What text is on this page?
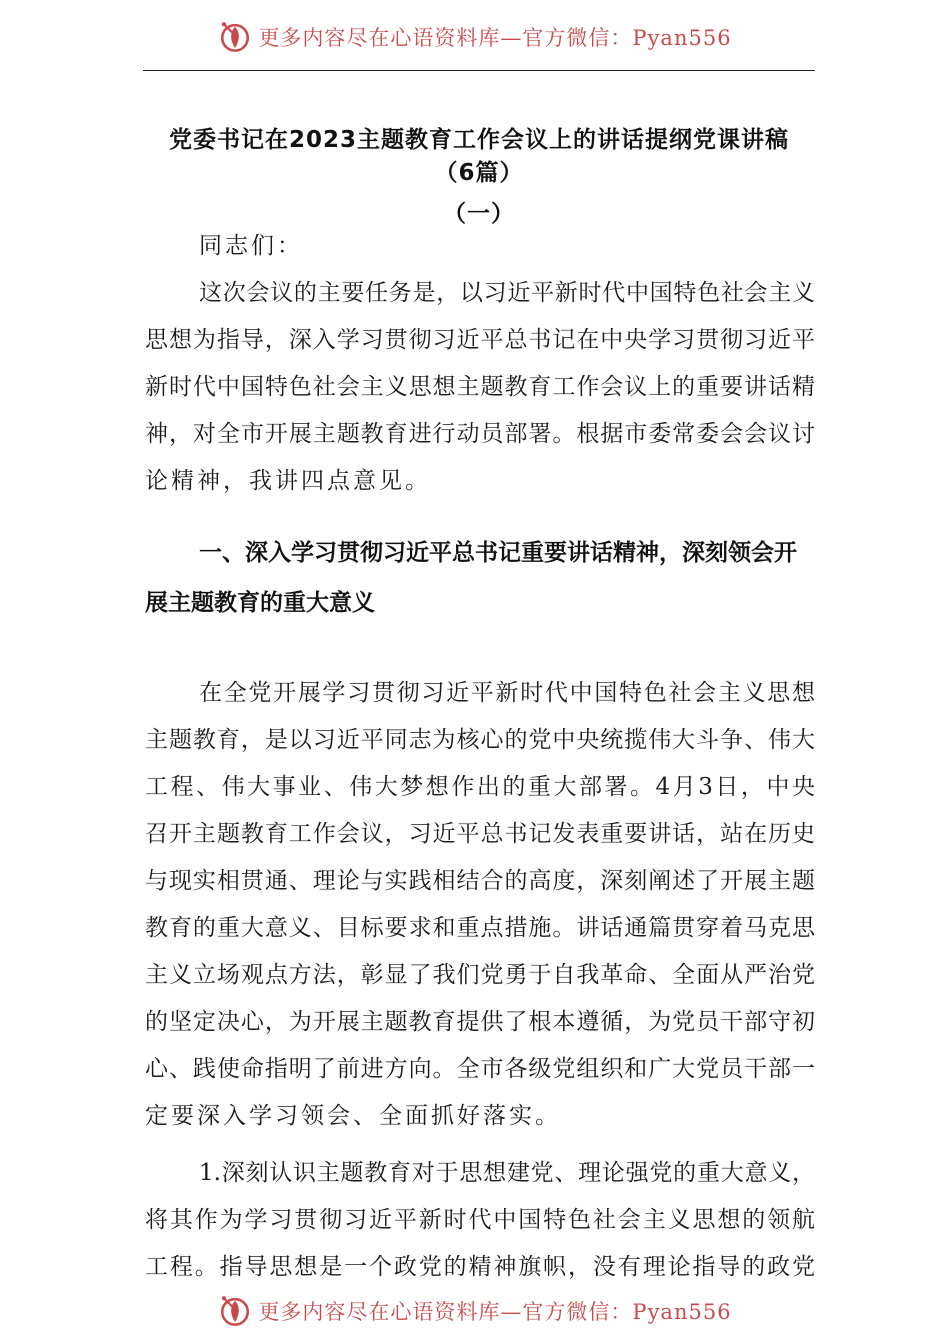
更多内容尽在心语资料库—官方微信：Pyan556
党委书记在2023主题教育工作会议上的讲话提纲党课讲稿
（6篇）
（一）
同志们：
这次会议的主要任务是，以习近平新时代中国特色社会主义
思想为指导，深入学习贯彻习近平总书记在中央学习贯彻习近平
新时代中国特色社会主义思想主题教育工作会议上的重要讲话精
神，对全市开展主题教育进行动员部署。根据市委常委会会议讨
论精神，我讲四点意见。
一、深入学习贯彻习近平总书记重要讲话精神，深刻领会开
展主题教育的重大意义
在全党开展学习贯彻习近平新时代中国特色社会主义思想
主题教育，是以习近平同志为核心的党中央统揽伟大斗争、伟大
工程、伟大事业、伟大梦想作出的重大部署。4月3日，中央
召开主题教育工作会议，习近平总书记发表重要讲话，站在历史
与现实相贯通、理论与实践相结合的高度，深刻阐述了开展主题
教育的重大意义、目标要求和重点措施。讲话通篇贯穿着马克思
主义立场观点方法，彰显了我们党勇于自我革命、全面从严治党
的坚定决心，为开展主题教育提供了根本遵循，为党员干部守初
心、践使命指明了前进方向。全市各级党组织和广大党员干部一
定要深入学习领会、全面抓好落实。
1.深刻认识主题教育对于思想建党、理论强党的重大意义，
将其作为学习贯彻习近平新时代中国特色社会主义思想的领航
工程。指导思想是一个政党的精神旗帜，没有理论指导的政党
更多内容尽在心语资料库—官方微信：Pyan556
